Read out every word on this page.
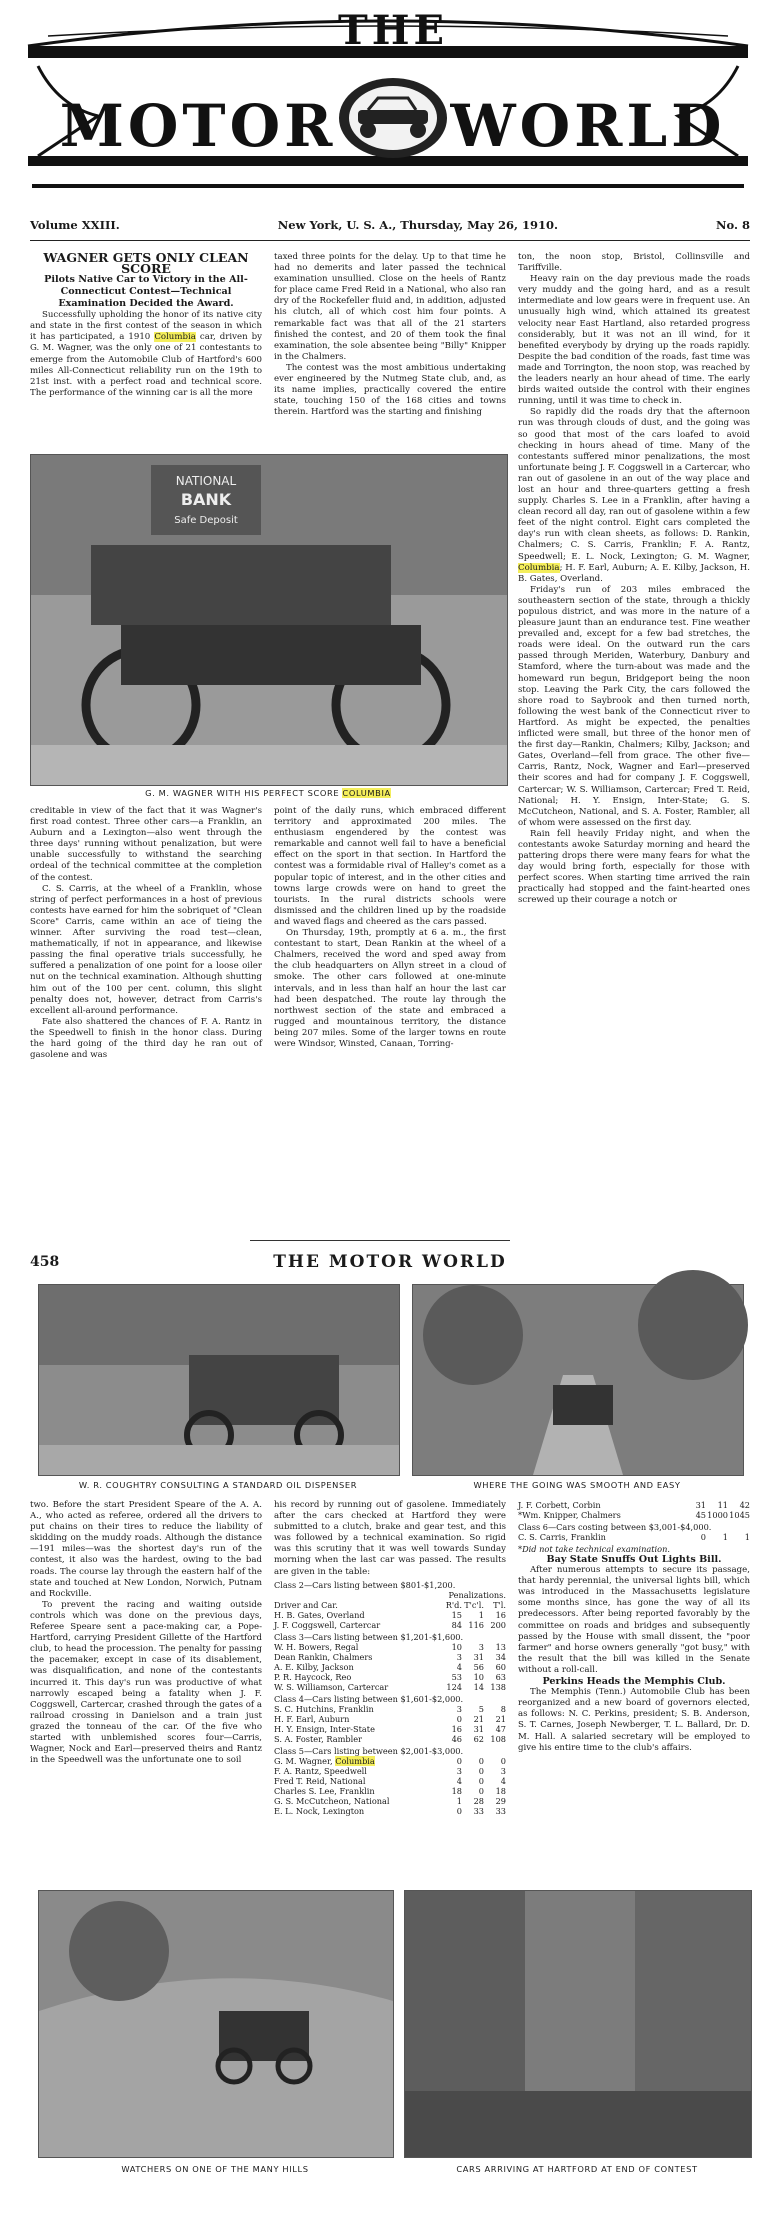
THE
MOTOR WORLD
Volume XXIII.	New York, U. S. A., Thursday, May 26, 1910.	No. 8

WAGNER GETS ONLY CLEAN SCORE

Pilots Native Car to Victory in the All-Connecticut Contest—Technical Examination Decided the Award.

Successfully upholding the honor of its native city and state in the first contest of the season in which it has participated, a 1910 Columbia car, driven by G. M. Wagner, was the only one of 21 contestants to emerge from the Automobile Club of Hartford's 600 miles All-Connecticut reliability run on the 19th to 21st inst. with a perfect road and technical score. The performance of the winning car is all the more

taxed three points for the delay. Up to that time he had no demerits and later passed the technical examination unsullied. Close on the heels of Rantz for place came Fred Reid in a National, who also ran dry of the Rockefeller fluid and, in addition, adjusted his clutch, all of which cost him four points. A remarkable fact was that all of the 21 starters finished the contest, and 20 of them took the final examination, the sole absentee being "Billy" Knipper in the Chalmers.

The contest was the most ambitious undertaking ever engineered by the Nutmeg State club, and, as its name implies, practically covered the entire state, touching 150 of the 168 cities and towns therein. Hartford was the starting and finishing

ton, the noon stop, Bristol, Collinsville and Tariffville.

Heavy rain on the day previous made the roads very muddy and the going hard, and as a result intermediate and low gears were in frequent use. An unusually high wind, which attained its greatest velocity near East Hartland, also retarded progress considerably, but it was not an ill wind, for it benefited everybody by drying up the roads rapidly. Despite the bad condition of the roads, fast time was made and Torrington, the noon stop, was reached by the leaders nearly an hour ahead of time. The early birds waited outside the control with their engines running, until it was time to check in.

So rapidly did the roads dry that the afternoon run was through clouds of dust, and the going was so good that most of the cars loafed to avoid checking in hours ahead of time. Many of the contestants suffered minor penalizations, the most unfortunate being J. F. Coggswell in a Cartercar, who ran out of gasolene in an out of the way place and lost an hour and three-quarters getting a fresh supply. Charles S. Lee in a Franklin, after having a clean record all day, ran out of gasolene within a few feet of the night control. Eight cars completed the day's run with clean sheets, as follows: D. Rankin, Chalmers; C. S. Carris, Franklin; F. A. Rantz, Speedwell; E. L. Nock, Lexington; G. M. Wagner, Columbia; H. F. Earl, Auburn; A. E. Kilby, Jackson, H. B. Gates, Overland.

Friday's run of 203 miles embraced the southeastern section of the state, through a thickly populous district, and was more in the nature of a pleasure jaunt than an endurance test. Fine weather prevailed and, except for a few bad stretches, the roads were ideal. On the outward run the cars passed through Meriden, Waterbury, Danbury and Stamford, where the turn-about was made and the homeward run begun, Bridgeport being the noon stop. Leaving the Park City, the cars followed the shore road to Saybrook and then turned north, following the west bank of the Connecticut river to Hartford. As might be expected, the penalties inflicted were small, but three of the honor men of the first day—Rankin, Chalmers; Kilby, Jackson; and Gates, Overland—fell from grace. The other five—Carris, Rantz, Nock, Wagner and Earl—preserved their scores and had for company J. F. Coggswell, Cartercar; W. S. Williamson, Cartercar; Fred T. Reid, National; H. Y. Ensign, Inter-State; G. S. McCutcheon, National, and S. A. Foster, Rambler, all of whom were assessed on the first day.

Rain fell heavily Friday night, and when the contestants awoke Saturday morning and heard the pattering drops there were many fears for what the day would bring forth, especially for those with perfect scores. When starting time arrived the rain practically had stopped and the faint-hearted ones screwed up their courage a notch or

NATIONAL
BANK
Safe Deposit
G. M. WAGNER WITH HIS PERFECT SCORE COLUMBIA

creditable in view of the fact that it was Wagner's first road contest. Three other cars—a Franklin, an Auburn and a Lexington—also went through the three days' running without penalization, but were unable successfully to withstand the searching ordeal of the technical committee at the completion of the contest.

C. S. Carris, at the wheel of a Franklin, whose string of perfect performances in a host of previous contests have earned for him the sobriquet of "Clean Score" Carris, came within an ace of tieing the winner. After surviving the road test—clean, mathematically, if not in appearance, and likewise passing the final operative trials successfully, he suffered a penalization of one point for a loose oiler nut on the technical examination. Although shutting him out of the 100 per cent. column, this slight penalty does not, however, detract from Carris's excellent all-around performance.

Fate also shattered the chances of F. A. Rantz in the Speedwell to finish in the honor class. During the hard going of the third day he ran out of gasolene and was

point of the daily runs, which embraced different territory and approximated 200 miles. The enthusiasm engendered by the contest was remarkable and cannot well fail to have a beneficial effect on the sport in that section. In Hartford the contest was a formidable rival of Halley's comet as a popular topic of interest, and in the other cities and towns large crowds were on hand to greet the tourists. In the rural districts schools were dismissed and the children lined up by the roadside and waved flags and cheered as the cars passed.

On Thursday, 19th, promptly at 6 a. m., the first contestant to start, Dean Rankin at the wheel of a Chalmers, received the word and sped away from the club headquarters on Allyn street in a cloud of smoke. The other cars followed at one-minute intervals, and in less than half an hour the last car had been despatched. The route lay through the northwest section of the state and embraced a rugged and mountainous territory, the distance being 207 miles. Some of the larger towns en route were Windsor, Winsted, Canaan, Torring-

458	THE MOTOR WORLD
W. R. COUGHTRY CONSULTING A STANDARD OIL DISPENSER	WHERE THE GOING WAS SMOOTH AND EASY

two. Before the start President Speare of the A. A. A., who acted as referee, ordered all the drivers to put chains on their tires to reduce the liability of skidding on the muddy roads. Although the distance—191 miles—was the shortest day's run of the contest, it also was the hardest, owing to the bad roads. The course lay through the eastern half of the state and touched at New London, Norwich, Putnam and Rockville.

To prevent the racing and waiting outside controls which was done on the previous days, Referee Speare sent a pace-making car, a Pope-Hartford, carrying President Gillette of the Hartford club, to head the procession. The penalty for passing the pacemaker, except in case of its disablement, was disqualification, and none of the contestants incurred it. This day's run was productive of what narrowly escaped being a fatality when J. F. Coggswell, Cartercar, crashed through the gates of a railroad crossing in Danielson and a train just grazed the tonneau of the car. Of the five who started with unblemished scores four—Carris, Wagner, Nock and Earl—preserved theirs and Rantz in the Speedwell was the unfortunate one to soil

his record by running out of gasolene. Immediately after the cars checked at Hartford they were submitted to a clutch, brake and gear test, and this was followed by a technical examination. So rigid was this scrutiny that it was well towards Sunday morning when the last car was passed. The results are given in the table:

Class 2—Cars listing between $801-$1,200.			
	Penalizations.		
Driver and Car.	R'd.	T'c'l.	T'l.
H. B. Gates, Overland	15	1	16
J. F. Coggswell, Cartercar	84	116	200
Class 3—Cars listing between $1,201-$1,600.			
W. H. Bowers, Regal	10	3	13
Dean Rankin, Chalmers	3	31	34
A. E. Kilby, Jackson	4	56	60
P. R. Haycock, Reo	53	10	63
W. S. Williamson, Cartercar	124	14	138
Class 4—Cars listing between $1,601-$2,000.			
S. C. Hutchins, Franklin	3	5	8
H. F. Earl, Auburn	0	21	21
H. Y. Ensign, Inter-State	16	31	47
S. A. Foster, Rambler	46	62	108
Class 5—Cars listing between $2,001-$3,000.			
G. M. Wagner, Columbia	0	0	0
F. A. Rantz, Speedwell	3	0	3
Fred T. Reid, National	4	0	4
Charles S. Lee, Franklin	18	0	18
G. S. McCutcheon, National	1	28	29
E. L. Nock, Lexington	0	33	33
J. F. Corbett, Corbin	31	11	42
*Wm. Knipper, Chalmers	45	1000	1045
Class 6—Cars costing between $3,001-$4,000.			
C. S. Carris, Franklin	0	1	1
*Did not take technical examination.			

Bay State Snuffs Out Lights Bill.

After numerous attempts to secure its passage, that hardy perennial, the universal lights bill, which was introduced in the Massachusetts legislature some months since, has gone the way of all its predecessors. After being reported favorably by the committee on roads and bridges and subsequently passed by the House with small dissent, the "poor farmer" and horse owners generally "got busy," with the result that the bill was killed in the Senate without a roll-call.

Perkins Heads the Memphis Club.

The Memphis (Tenn.) Automobile Club has been reorganized and a new board of governors elected, as follows: N. C. Perkins, president; S. B. Anderson, S. T. Carnes, Joseph Newberger, T. L. Ballard, Dr. D. M. Hall. A salaried secretary will be employed to give his entire time to the club's affairs.

WATCHERS ON ONE OF THE MANY HILLS	CARS ARRIVING AT HARTFORD AT END OF CONTEST
